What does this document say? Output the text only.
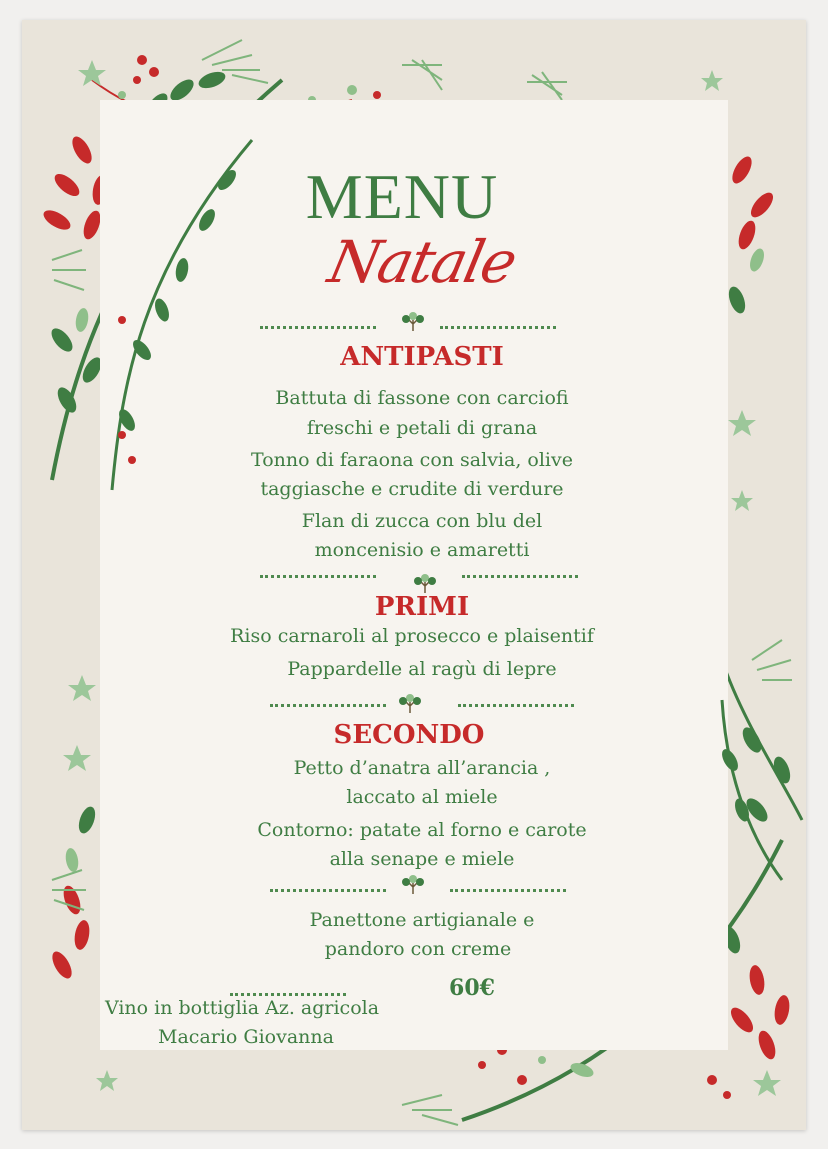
MENU
Natale
ANTIPASTI
Battuta di fassone con carciofi
freschi e petali di grana
Tonno di faraona con salvia, olive
taggiasche e crudite di verdure
Flan di zucca con blu del
moncenisio e amaretti
PRIMI
Riso carnaroli al prosecco e plaisentif
Pappardelle al ragù di lepre
SECONDO
Petto d’anatra all’arancia ,
laccato al miele
Contorno: patate al forno e carote
alla senape e miele
Panettone artigianale e
pandoro con creme
60€
Vino in bottiglia Az. agricola
Macario Giovanna
